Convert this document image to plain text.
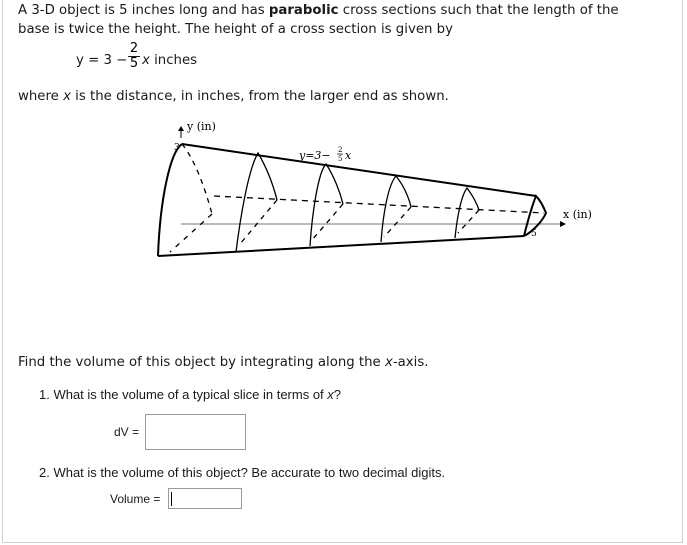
A 3-D object is 5 inches long and has parabolic cross sections such that the length of the
base is twice the height. The height of a cross section is given by
$y = 3 - \frac{2}{5}$ x inches
where x is the distance, in inches, from the larger end as shown.
3
5
y (in)
x (in)
y=3− 2
5 x
Find the volume of this object by integrating along the x-axis.
1. What is the volume of a typical slice in terms of x?
dV =
2. What is the volume of this object? Be accurate to two decimal digits.
Volume =
